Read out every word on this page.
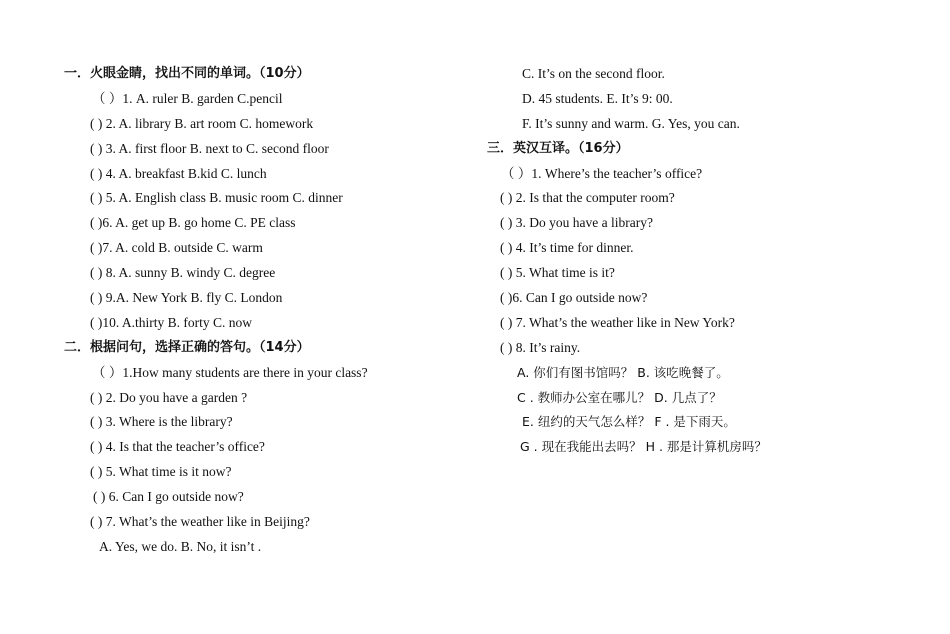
一．火眼金睛，找出不同的单词。（10分）
（ ）1. A. ruler B. garden C.pencil
( ) 2. A. library B. art room C. homework
( ) 3. A. first floor B. next to C. second floor
( ) 4. A. breakfast B.kid C. lunch
( ) 5. A. English class B. music room C. dinner
( )6. A. get up B. go home C. PE class
( )7. A. cold B. outside C. warm
( ) 8. A. sunny B. windy C. degree
( ) 9.A. New York B. fly C. London
( )10. A.thirty B. forty C. now
二．根据问句，选择正确的答句。（14分）
（ ）1.How many students are there in your class?
( ) 2. Do you have a garden ?
( ) 3. Where is the library?
( ) 4. Is that the teacher’s office?
( ) 5. What time is it now?
( ) 6. Can I go outside now?
( ) 7. What’s the weather like in Beijing?
A. Yes, we do. B. No, it isn’t .
C. It’s on the second floor.
D. 45 students. E. It’s 9: 00.
F. It’s sunny and warm. G. Yes, you can.
三．英汉互译。（16分）
（ ）1. Where’s the teacher’s office?
( ) 2. Is that the computer room?
( ) 3. Do you have a library?
( ) 4. It’s time for dinner.
( ) 5. What time is it?
( )6. Can I go outside now?
( ) 7. What’s the weather like in New York?
( ) 8. It’s rainy.
A. 你们有图书馆吗？ B. 该吃晚餐了。
C . 教师办公室在哪儿？ D. 几点了？
E. 纽约的天气怎么样？ F . 是下雨天。
G . 现在我能出去吗？ H . 那是计算机房吗？
